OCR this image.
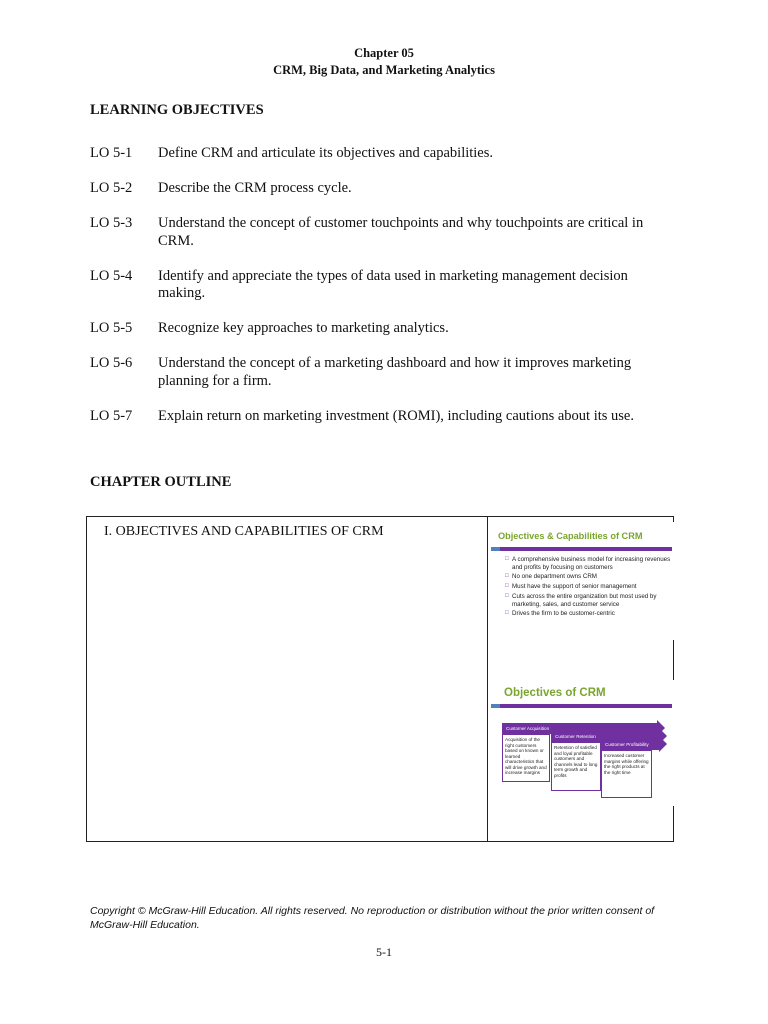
Chapter 05
CRM, Big Data, and Marketing Analytics
LEARNING OBJECTIVES
LO 5-1	Define CRM and articulate its objectives and capabilities.
LO 5-2	Describe the CRM process cycle.
LO 5-3	Understand the concept of customer touchpoints and why touchpoints are critical in CRM.
LO 5-4	Identify and appreciate the types of data used in marketing management decision making.
LO 5-5	Recognize key approaches to marketing analytics.
LO 5-6	Understand the concept of a marketing dashboard and how it improves marketing planning for a firm.
LO 5-7	Explain return on marketing investment (ROMI), including cautions about its use.
CHAPTER OUTLINE
I. OBJECTIVES AND CAPABILITIES OF CRM	Objectives & Capabilities of CRM
□ A comprehensive business model for increasing revenues and profits by focusing on customers
□ No one department owns CRM
□ Must have the support of senior management
□ Cuts across the entire organization but most used by marketing, sales, and customer service
□ Drives the firm to be customer-centric
Objectives of CRM
Customer Acquisition
Acquisition of the right customers based on known or learned characteristics that will drive growth and increase margins
Customer Retention
Retention of satisfied and loyal profitable customers and channels lead to long term growth and profits
Customer Profitability
Increased customer margins while offering the right products at the right time
Copyright © McGraw-Hill Education. All rights reserved. No reproduction or distribution without the prior written consent of McGraw-Hill Education.
5-1
